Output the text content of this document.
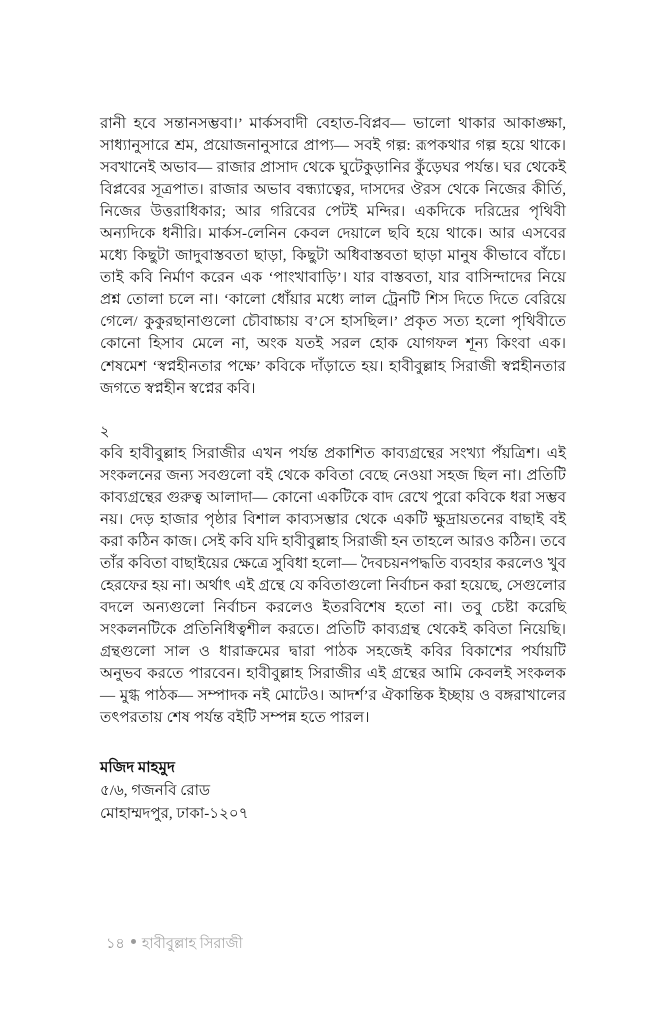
রানী হবে সন্তানসম্ভবা।’ মার্কসবাদী বেহাত-বিপ্লব— ভালো থাকার আকাঙ্ক্ষা, সাধ্যানুসারে শ্রম, প্রয়োজনানুসারে প্রাপ্য— সবই গল্প: রূপকথার গল্প হয়ে থাকে। সবখানেই অভাব— রাজার প্রাসাদ থেকে ঘুটেকুড়ানির কুঁড়েঘর পর্যন্ত। ঘর থেকেই বিপ্লবের সূত্রপাত। রাজার অভাব বন্ধ্যাত্বের, দাসদের ঔরস থেকে নিজের কীর্তি, নিজের উত্তরাধিকার; আর গরিবের পেটই মন্দির। একদিকে দরিদ্রের পৃথিবী অন্যদিকে ধনীরি। মার্কস-লেনিন কেবল দেয়ালে ছবি হয়ে থাকে। আর এসবের মধ্যে কিছুটা জাদুবাস্তবতা ছাড়া, কিছুটা অধিবাস্তবতা ছাড়া মানুষ কীভাবে বাঁচে। তাই কবি নির্মাণ করেন এক ‘পাংখাবাড়ি’। যার বাস্তবতা, যার বাসিন্দাদের নিয়ে প্রশ্ন তোলা চলে না। ‘কালো ধোঁয়ার মধ্যে লাল ট্রেনটি শিস দিতে দিতে বেরিয়ে গেলে/ কুকুরছানাগুলো চৌবাচ্চায় ব’সে হাসছিল।’ প্রকৃত সত্য হলো পৃথিবীতে কোনো হিসাব মেলে না, অংক যতই সরল হোক যোগফল শূন্য কিংবা এক। শেষমেশ ‘স্বপ্নহীনতার পক্ষে’ কবিকে দাঁড়াতে হয়। হাবীবুল্লাহ সিরাজী স্বপ্নহীনতার জগতে স্বপ্নহীন স্বপ্নের কবি।

২

কবি হাবীবুল্লাহ সিরাজীর এখন পর্যন্ত প্রকাশিত কাব্যগ্রন্থের সংখ্যা পঁয়ত্রিশ। এই সংকলনের জন্য সবগুলো বই থেকে কবিতা বেছে নেওয়া সহজ ছিল না। প্রতিটি কাব্যগ্রন্থের গুরুত্ব আলাদা— কোনো একটিকে বাদ রেখে পুরো কবিকে ধরা সম্ভব নয়। দেড় হাজার পৃষ্ঠার বিশাল কাব্যসম্ভার থেকে একটি ক্ষুদ্রায়তনের বাছাই বই করা কঠিন কাজ। সেই কবি যদি হাবীবুল্লাহ সিরাজী হন তাহলে আরও কঠিন। তবে তাঁর কবিতা বাছাইয়ের ক্ষেত্রে সুবিধা হলো— দৈবচয়নপদ্ধতি ব্যবহার করলেও খুব হেরফের হয় না। অর্থাৎ এই গ্রন্থে যে কবিতাগুলো নির্বাচন করা হয়েছে, সেগুলোর বদলে অন্যগুলো নির্বাচন করলেও ইতরবিশেষ হতো না। তবু চেষ্টা করেছি সংকলনটিকে প্রতিনিধিত্বশীল করতে। প্রতিটি কাব্যগ্রন্থ থেকেই কবিতা নিয়েছি। গ্রন্থগুলো সাল ও ধারাক্রমের দ্বারা পাঠক সহজেই কবির বিকাশের পর্যায়টি অনুভব করতে পারবেন। হাবীবুল্লাহ সিরাজীর এই গ্রন্থের আমি কেবলই সংকলক— মুগ্ধ পাঠক— সম্পাদক নই মোটেও। আদর্শ’র ঐকান্তিক ইচ্ছায় ও বঙ্গরাখালের তৎপরতায় শেষ পর্যন্ত বইটি সম্পন্ন হতে পারল।

মজিদ মাহমুদ

৫/৬, গজনবি রোড

মোহাম্মদপুর, ঢাকা-১২০৭

১৪ হাবীবুল্লাহ সিরাজী
